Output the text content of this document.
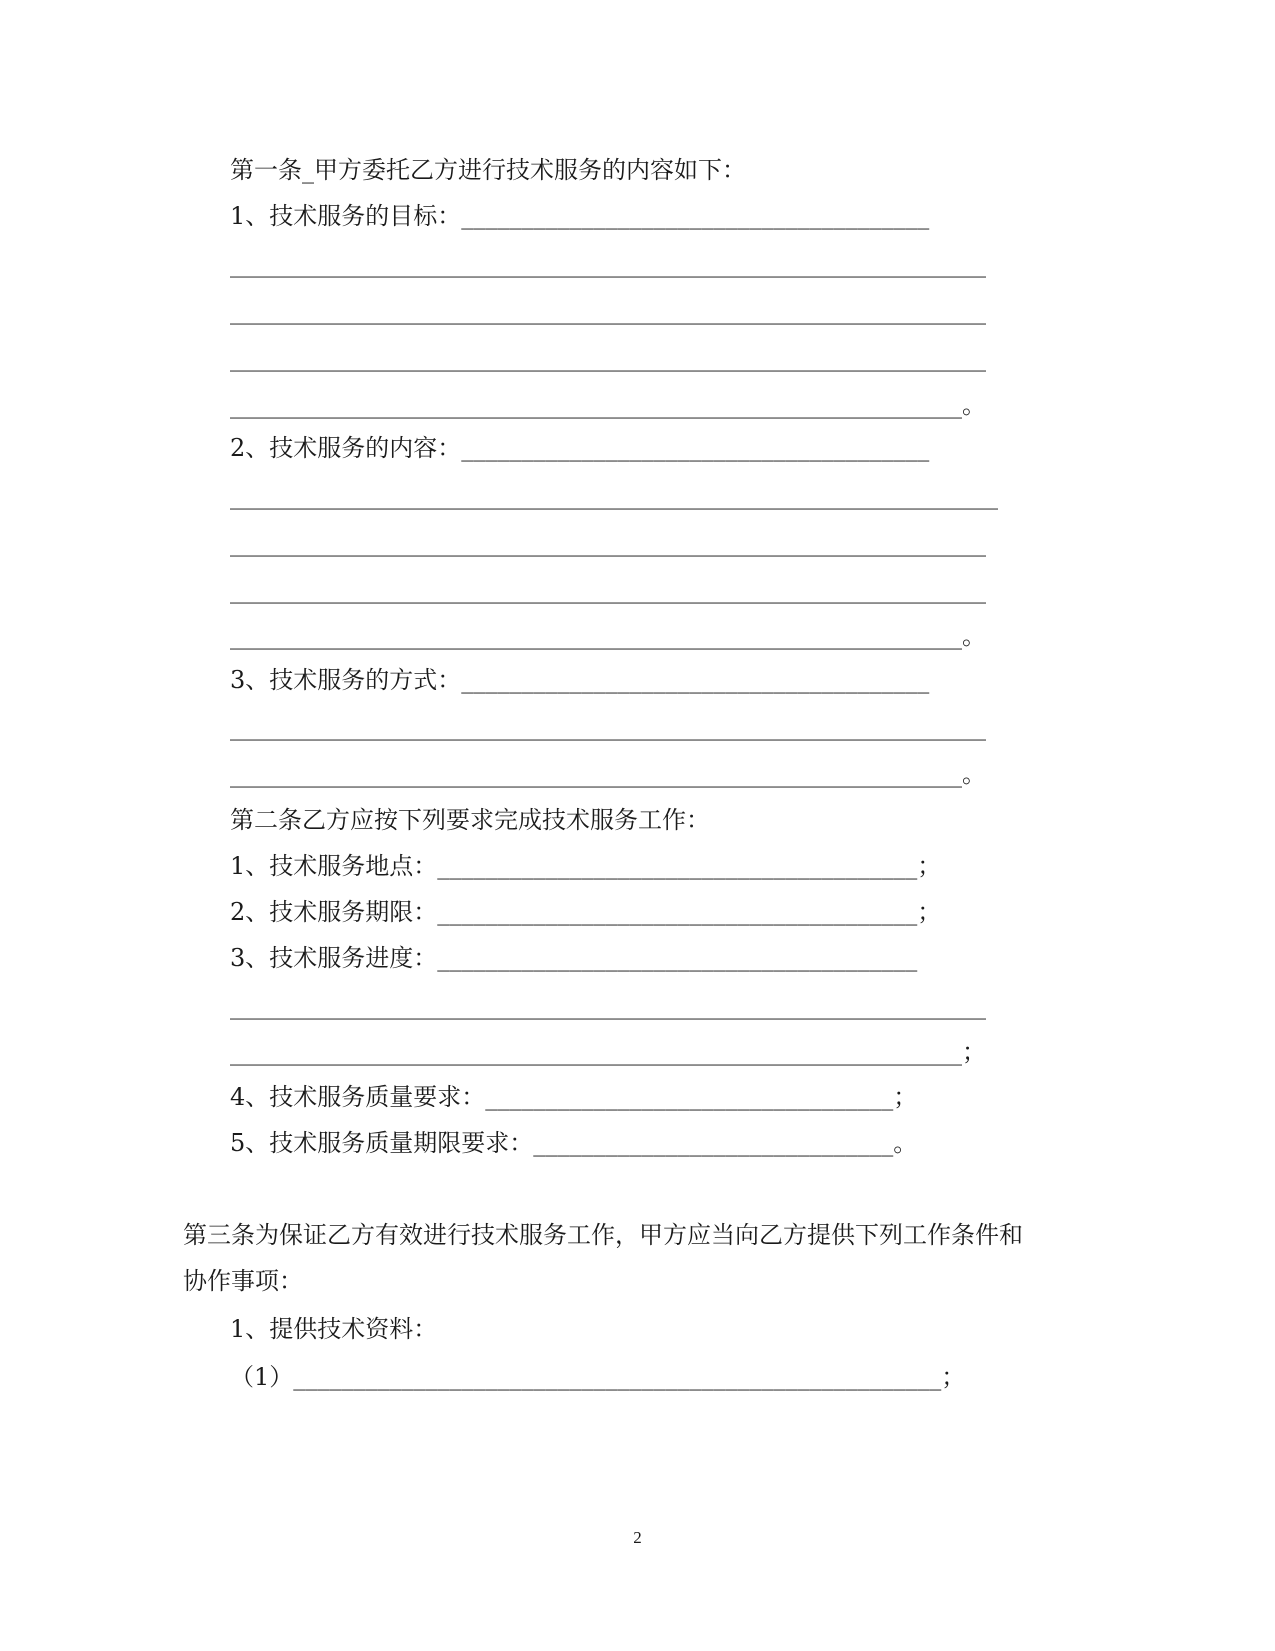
第一条_甲方委托乙方进行技术服务的内容如下：
1、技术服务的目标：_______________________________________
_______________________________________________________________
_______________________________________________________________
_______________________________________________________________
_____________________________________________________________。
2、技术服务的内容：_______________________________________
________________________________________________________________
_______________________________________________________________
_______________________________________________________________
_____________________________________________________________。
3、技术服务的方式：_______________________________________
_______________________________________________________________
_____________________________________________________________。
第二条乙方应按下列要求完成技术服务工作：
1、技术服务地点：________________________________________；
2、技术服务期限：________________________________________；
3、技术服务进度：________________________________________
_______________________________________________________________
_____________________________________________________________；
4、技术服务质量要求：__________________________________；
5、技术服务质量期限要求：______________________________。
第三条为保证乙方有效进行技术服务工作，甲方应当向乙方提供下列工作条件和
协作事项：
1、提供技术资料：
（1）______________________________________________________；
2
